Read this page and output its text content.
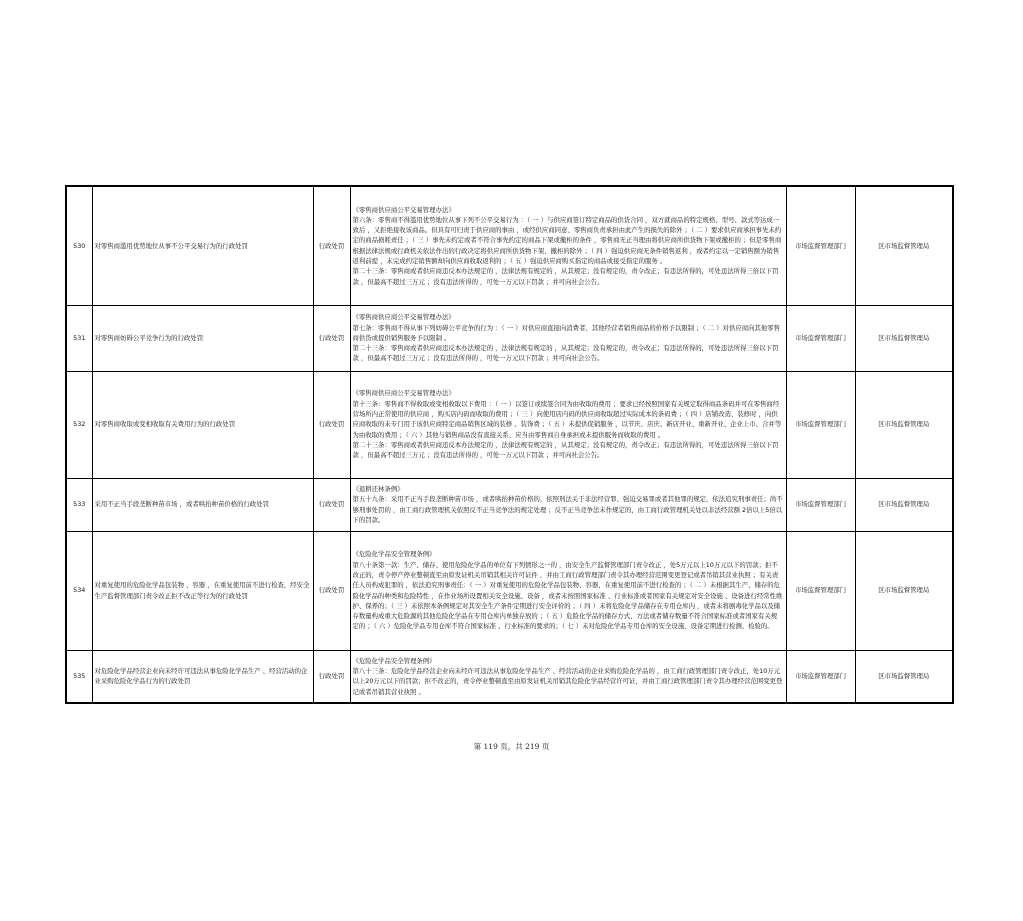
530	对零售商滥用优势地位从事不公平交易行为的行政处罚	行政处罚	《零售商供应商公平交易管理办法》
第六条：零售商不得滥用优势地位从事下列不公平交易行为 ：（ 一 ）与供应商签订特定商品的供货合同 ，双方就商品的特定规格、型号、款式等达成一致后 ，又拒绝接收该商品。但具有可归责于供应商的事由 ，或经供应商同意、零售商负责承担由此产生的损失的除外 ；（ 二 ）要求供应商承担事先未约定的商品损耗责任 ；（ 三 ）事先未约定或者不符合事先约定的商品下架或撤柜的条件 ，零售商无正当理由将供应商所供货物下架或撤柜的 ；但是零售商根据法律法规或行政机关依法作出的行政决定将供应商所供货物下架、撤柜的除外 ；（ 四 ）强迫供应商无条件销售返利 ，或者约定以一定销售额为销售返利前提 ，未完成约定销售额却向供应商收取返利的 ；（ 五 ）强迫供应商购买指定的商品或接受指定的服务 。
第二十三条：零售商或者供应商违反本办法规定的 ，法律法规有规定的 ，从其规定；没有规定的，责令改正；有违法所得的，可处违法所得三倍以下罚款 ，但最高不超过三万元 ；没有违法所得的 ，可处一万元以下罚款 ；并可向社会公告。	市场监督管理部门	区市场监督管理局
531	对零售商妨碍公平竞争行为的行政处罚	行政处罚	《零售商供应商公平交易管理办法》
第七条：零售商不得从事下列妨碍公平竞争的行为 ：（ 一 ）对供应商直接向消费者、其他经营者销售商品的价格予以限制 ；（ 二 ）对供应商向其他零售商供货或提供销售服务予以限制 。
第二十三条：零售商或者供应商违反本办法规定的 ，法律法规有规定的 ，从其规定；没有规定的，责令改正；有违法所得的，可处违法所得三倍以下罚款 ，但最高不超过三万元 ；没有违法所得的 ，可处一万元以下罚款 ；并可向社会公告。	市场监督管理部门	区市场监督管理局
532	对零售商收取或变相收取有关费用行为的行政处罚	行政处罚	《零售商供应商公平交易管理办法》
第十三条：零售商不得收取或变相收取以下费用 ：（ 一 ）以签订或续签合同为由收取的费用 ；要求已经按照国家有关规定取得商品条码并可在零售商经营场所内正常使用的供应商 ，购买店内码而收取的费用 ；（ 三 ）向使用店内码的供应商收取超过实际成本的条码费 ；（ 四 ）店铺改造、装修时 ，向供应商收取的未专门用于该供应商特定商品销售区域的装修 、装饰费 ；（ 五 ）未提供促销服务 ，以节庆、店庆、新店开业、重新开业、企业上市、合并等为由收取的费用 ；（ 六 ）其他与销售商品没有直接关系、应当由零售商自身承担或未提供服务而收取的费用 。
第二十三条：零售商或者供应商违反本办法规定的 ，法律法规有规定的 ，从其规定；没有规定的，责令改正；有违法所得的，可处违法所得三倍以下罚款 ，但最高不超过三万元 ；没有违法所得的 ，可处一万元以下罚款 ；并可向社会公告。	市场监督管理部门	区市场监督管理局
533	采用不正当手段垄断种苗市场 ，或者哄抬种苗价格的行政处罚	行政处罚	《退耕还林条例》
第五十九条：采用不正当手段垄断种苗市场 ，或者哄抬种苗价格的，依照刑法关于非法经营罪、强迫交易罪或者其他罪的规定，依法追究刑事责任；尚不够刑事处罚的 ，由工商行政管理机关依照反不正当竞争法的规定处理 ；反不正当竞争法未作规定的，由工商行政管理机关处以非法经营额 2倍以上5倍以下的罚款。	市场监督管理部门	区市场监督管理局
534	对重复使用的危险化学品包装物 、容器 ，在重复使用前不进行检查，经安全生产监督管理部门责令改正拒不改正等行为的行政处罚	行政处罚	《危险化学品安全管理条例》
第八十条第一款：生产、储存、使用危险化学品的单位有下列情形之一的 ，由安全生产监督管理部门责令改正 ，处5万元以上10万元以下的罚款；拒不改正的，责令停产停业整顿直至由原发证机关吊销其相关许可证件 ，并由工商行政管理部门责令其办理经营范围变更登记或者吊销其营业执照 ；有关责任人员构成犯罪的 ，依法追究刑事责任：（ 一 ）对重复使用的危险化学品包装物、容器，在重复使用前不进行检查的 ；（ 二 ）未根据其生产、储存的危险化学品的种类和危险特性 ，在作业场所设置相关安全设施、设备 ，或者未按照国家标准 、行业标准或者国家有关规定对安全设施 、设备进行经常性维护、保养的；（ 三 ）未依照本条例规定对其安全生产条件定期进行安全评价的 ；（ 四 ）未将危险化学品储存在专用仓库内 ，或者未将剧毒化学品以及储存数量构成重大危险源的其他危险化学品在专用仓库内单独存放的 ；（ 五 ）危险化学品的储存方式、方法或者储存数量不符合国家标准或者国家有关规定的 ；（ 六 ）危险化学品专用仓库不符合国家标准 、行业标准的要求的；（ 七 ）未对危险化学品专用仓库的安全设施、设备定期进行检测、检验的。	市场监督管理部门	区市场监督管理局
535	对危险化学品经营企业向未经许可违法从事危险化学品生产 、经营活动的企业采购危险化学品行为的行政处罚	行政处罚	《危险化学品安全管理条例》
第八十三条：危险化学品经营企业向未经许可违法从事危险化学品生产 、经营活动的企业采购危险化学品的 ，由工商行政管理部门责令改正，处10万元以上20万元以下的罚款；拒不改正的，责令停业整顿直至由原发证机关吊销其危险化学品经营许可证，并由工商行政管理部门责令其办理经营范围变更登记或者吊销其营业执照 。	市场监督管理部门	区市场监督管理局
第 119 页，共 219 页
